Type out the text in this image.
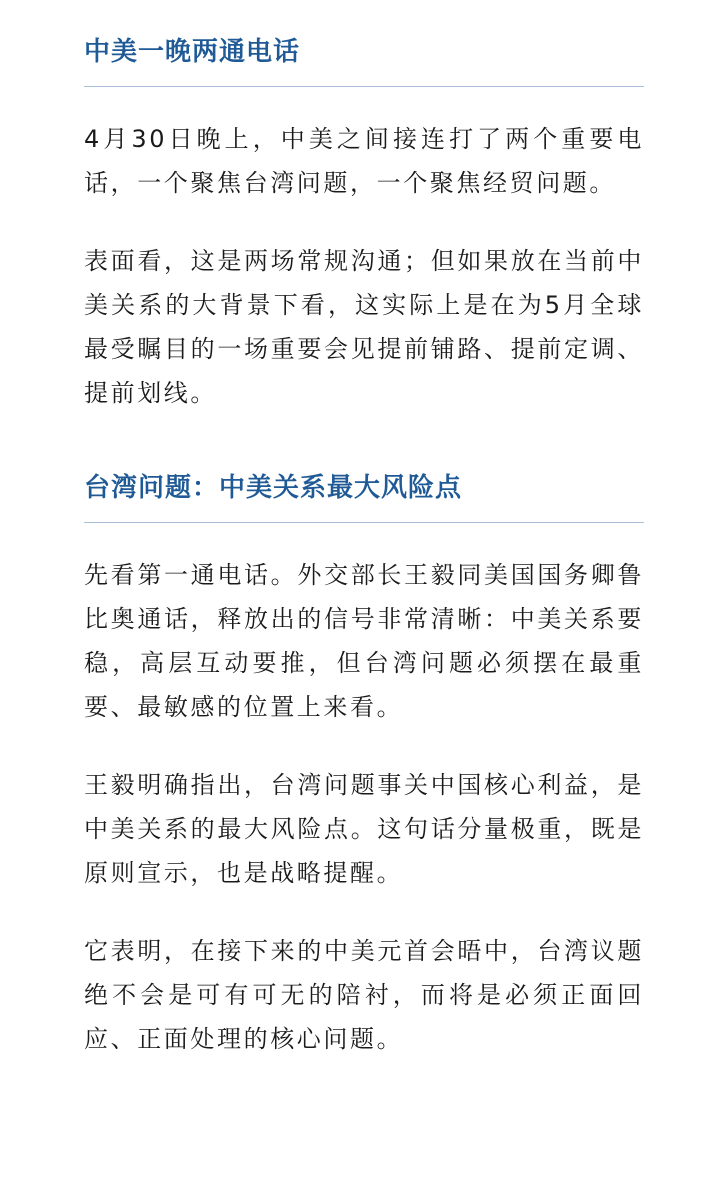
中美一晚两通电话

4月30日晚上，中美之间接连打了两个重要电话，一个聚焦台湾问题，一个聚焦经贸问题。

表面看，这是两场常规沟通；但如果放在当前中美关系的大背景下看，这实际上是在为5月全球最受瞩目的一场重要会见提前铺路、提前定调、提前划线。

台湾问题：中美关系最大风险点

先看第一通电话。外交部长王毅同美国国务卿鲁比奥通话，释放出的信号非常清晰：中美关系要稳，高层互动要推，但台湾问题必须摆在最重要、最敏感的位置上来看。

王毅明确指出，台湾问题事关中国核心利益，是中美关系的最大风险点。这句话分量极重，既是原则宣示，也是战略提醒。

它表明，在接下来的中美元首会晤中，台湾议题绝不会是可有可无的陪衬，而将是必须正面回应、正面处理的核心问题。
